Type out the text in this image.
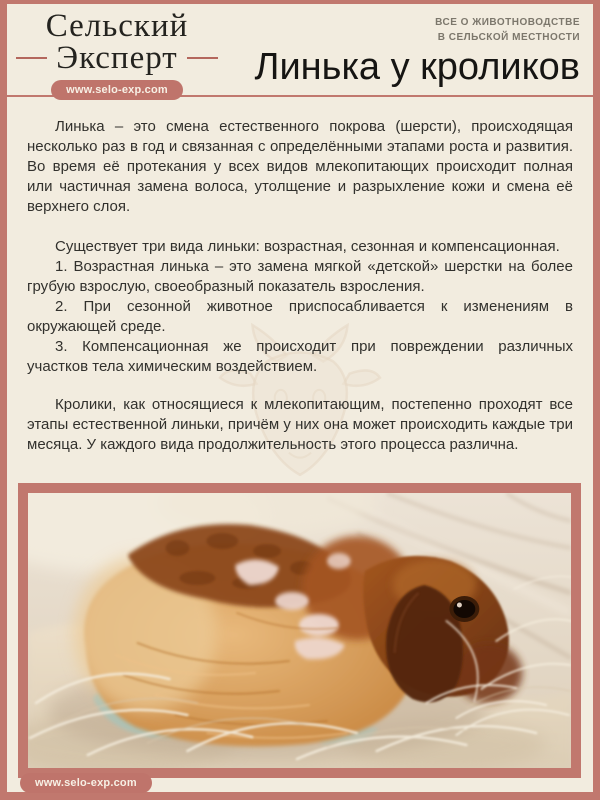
Сельский
Эксперт
www.selo-exp.com
ВСЕ О ЖИВОТНОВОДСТВЕ
В СЕЛЬСКОЙ МЕСТНОСТИ
Линька у кроликов

Линька – это смена естественного покрова (шерсти), происходящая несколько раз в год и связанная с определёнными этапами роста и развития. Во время её протекания у всех видов млекопитающих происходит полная или частичная замена волоса, утолщение и разрыхление кожи и смена её верхнего слоя.

Существует три вида линьки: возрастная, сезонная и компенсационная.

1. Возрастная линька – это замена мягкой «детской» шерстки на более грубую взрослую, своеобразный показатель взросления.

2. При сезонной животное приспосабливается к изменениям в окружающей среде.

3. Компенсационная же происходит при повреждении различных участков тела химическим воздействием.

Кролики, как относящиеся к млекопитающим, постепенно проходят все этапы естественной линьки, причём у них она может происходить каждые три месяца. У каждого вида продолжительность этого процесса различна.

www.selo-exp.com
